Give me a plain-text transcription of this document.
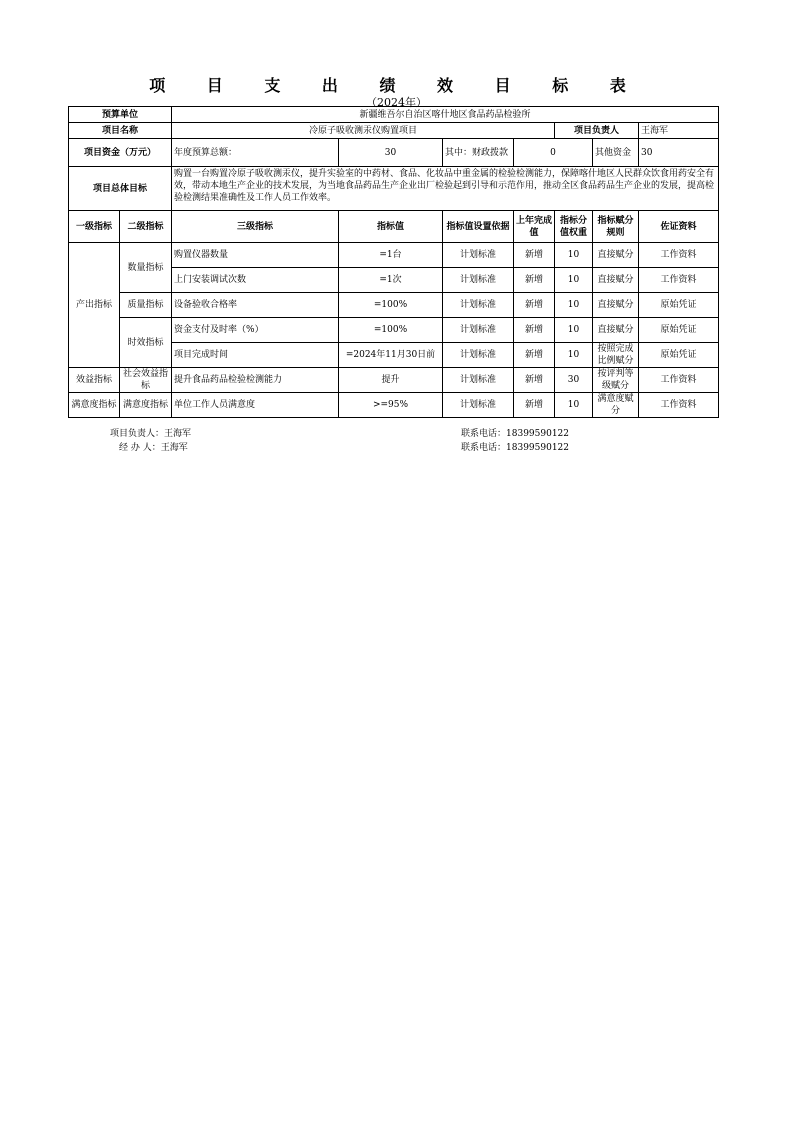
项 目 支 出 绩 效 目 标 表
（2024年）
预算单位		新疆维吾尔自治区喀什地区食品药品检验所						
项目名称		冷原子吸收测汞仪购置项目				项目负责人		王海军
项目资金（万元）		年度预算总额：	30	其中：财政拨款	0		其他资金	30
项目总体目标		购置一台购置冷原子吸收测汞仪，提升实验室的中药材、食品、化妆品中重金属的检验检测能力，保障喀什地区人民群众饮食用药安全有效，带动本地生产企业的技术发展，为当地食品药品生产企业出厂检验起到引导和示范作用，推动全区食品药品生产企业的发展，提高检验检测结果准确性及工作人员工作效率。						
一级指标	二级指标	三级指标	指标值	指标值设置依据	上年完成值	指标分值权重	指标赋分规则	佐证资料
产出指标	数量指标	购置仪器数量	=1台	计划标准	新增	10	直接赋分	工作资料
		上门安装调试次数	=1次	计划标准	新增	10	直接赋分	工作资料
	质量指标	设备验收合格率	=100%	计划标准	新增	10	直接赋分	原始凭证
	时效指标	资金支付及时率（%）	=100%	计划标准	新增	10	直接赋分	原始凭证
		项目完成时间	=2024年11月30日前	计划标准	新增	10	按照完成比例赋分	原始凭证
效益指标	社会效益指标	提升食品药品检验检测能力	提升	计划标准	新增	30	按评判等级赋分	工作资料
满意度指标	满意度指标	单位工作人员满意度	>=95%	计划标准	新增	10	满意度赋分	工作资料
项目负责人：王海军
经 办 人：王海军
联系电话：18399590122
联系电话：18399590122
